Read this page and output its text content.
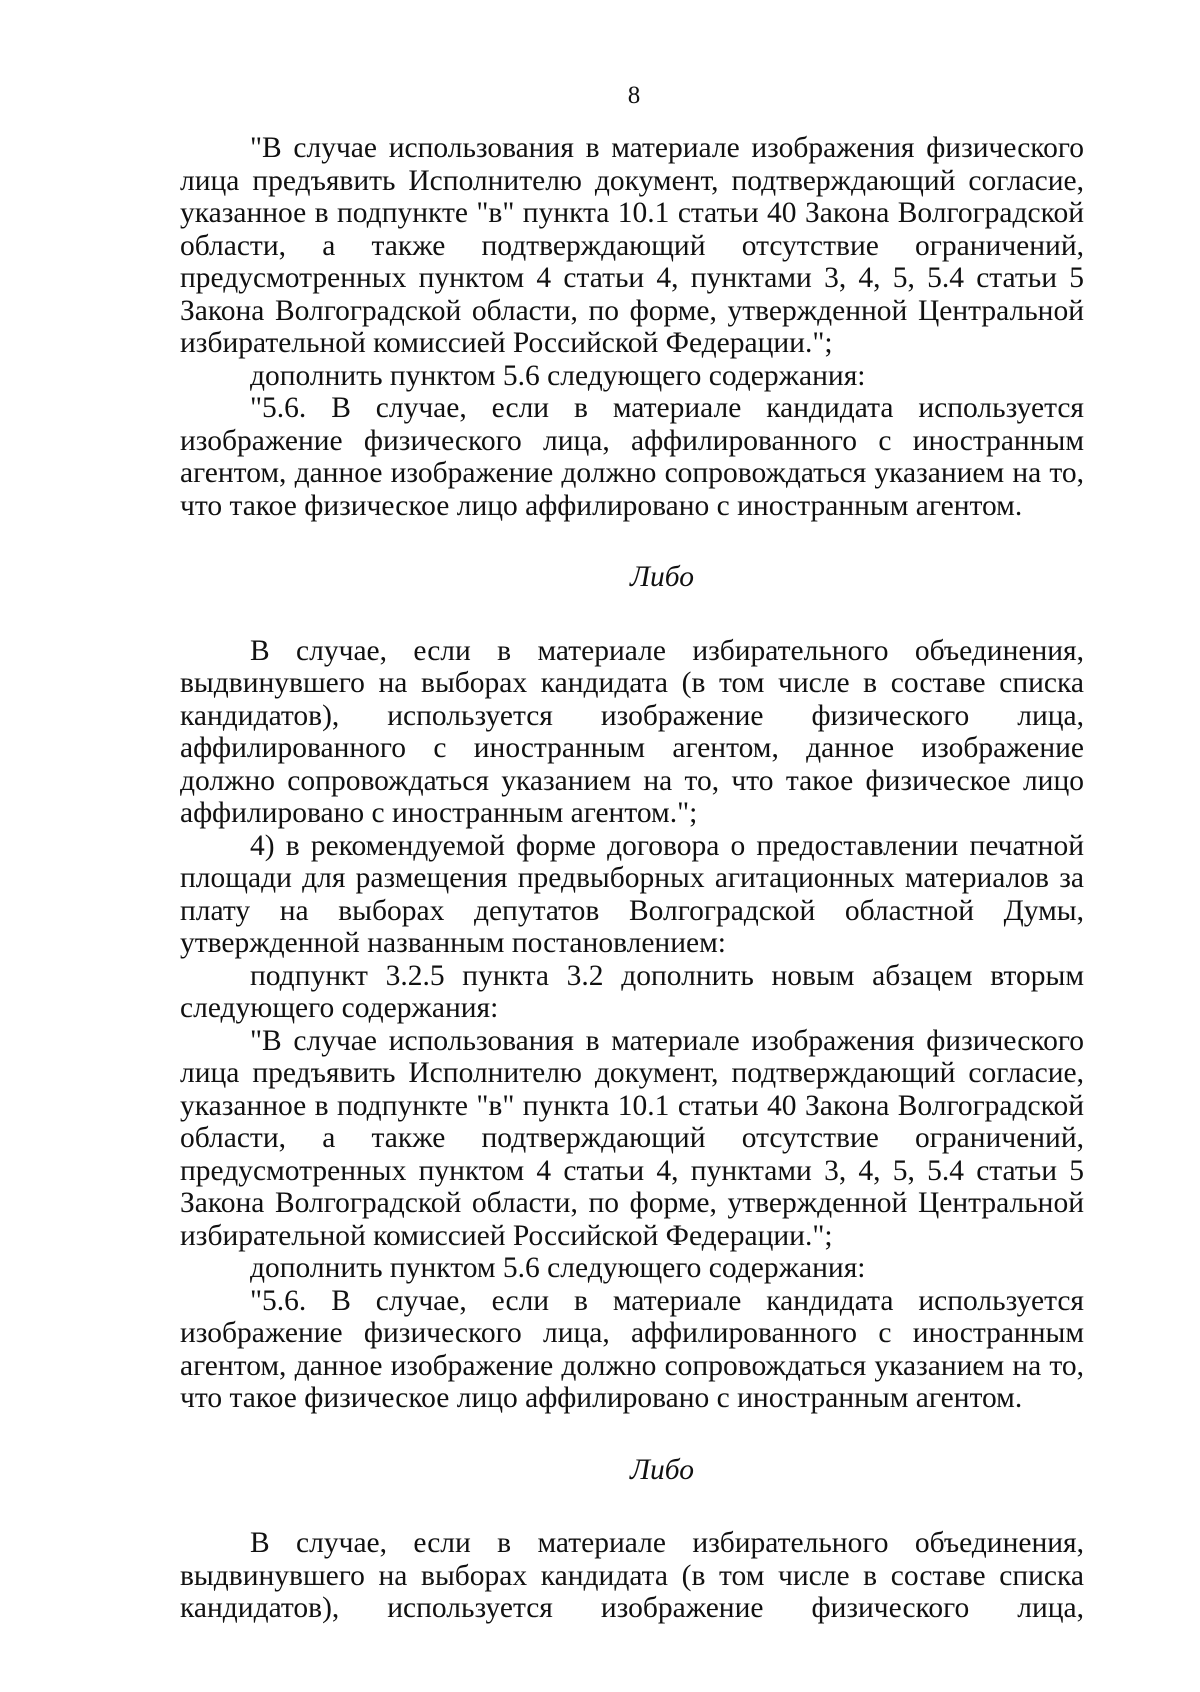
8

"В случае использования в материале изображения физического лица предъявить Исполнителю документ, подтверждающий согласие, указанное в подпункте "в" пункта 10.1 статьи 40 Закона Волгоградской области, а также подтверждающий отсутствие ограничений, предусмотренных пунктом 4 статьи 4, пунктами 3, 4, 5, 5.4 статьи 5 Закона Волгоградской области, по форме, утвержденной Центральной избирательной комиссией Российской Федерации.";

дополнить пунктом 5.6 следующего содержания:

"5.6. В случае, если в материале кандидата используется изображение физического лица, аффилированного с иностранным агентом, данное изображение должно сопровождаться указанием на то, что такое физическое лицо аффилировано с иностранным агентом.

Либо

В случае, если в материале избирательного объединения, выдвинувшего на выборах кандидата (в том числе в составе списка кандидатов), используется изображение физического лица, аффилированного с иностранным агентом, данное изображение должно сопровождаться указанием на то, что такое физическое лицо аффилировано с иностранным агентом.";

4) в рекомендуемой форме договора о предоставлении печатной площади для размещения предвыборных агитационных материалов за плату на выборах депутатов Волгоградской областной Думы, утвержденной названным постановлением:

подпункт 3.2.5 пункта 3.2 дополнить новым абзацем вторым следующего содержания:

"В случае использования в материале изображения физического лица предъявить Исполнителю документ, подтверждающий согласие, указанное в подпункте "в" пункта 10.1 статьи 40 Закона Волгоградской области, а также подтверждающий отсутствие ограничений, предусмотренных пунктом 4 статьи 4, пунктами 3, 4, 5, 5.4 статьи 5 Закона Волгоградской области, по форме, утвержденной Центральной избирательной комиссией Российской Федерации.";

дополнить пунктом 5.6 следующего содержания:

"5.6. В случае, если в материале кандидата используется изображение физического лица, аффилированного с иностранным агентом, данное изображение должно сопровождаться указанием на то, что такое физическое лицо аффилировано с иностранным агентом.

Либо

В случае, если в материале избирательного объединения, выдвинувшего на выборах кандидата (в том числе в составе списка кандидатов), используется изображение физического лица,
